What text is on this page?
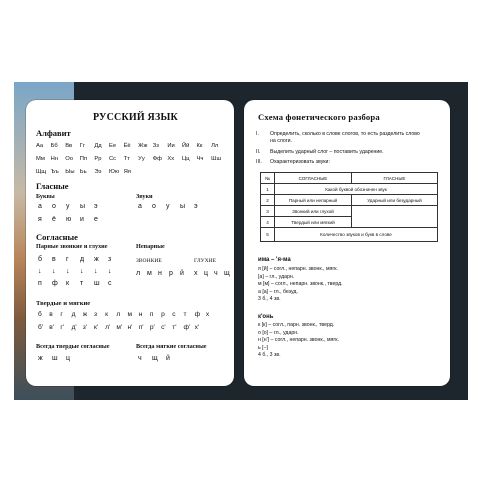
РУССКИЙ ЯЗЫК
Алфавит
Аа	Бб	Вв	Гг	Дд	Ее	Ёё	Жж Зз	Ии	Йй	Кк	Лл
Мм Нн	Оо	Пп	Рр	Сс	Тт	Уу	Фф Хх	Цц	Чч	Шш
Щщ Ъъ	Ыы Ьь	Ээ	Юю Яя
Гласные
Буквы	Звуки
а	о	у	ы	э
я	ё	ю	и	е
а	о	у	ы	э
Согласные
Парные звонкие и глухие	Непарные
ЗВОНКИЕ	ГЛУХИЕ
б	в	г	д	ж	з
↓	↓	↓	↓	↓	↓
п	ф	к	т	ш	с
л м н	р	й	х ц ч щ
Твердые и мягкие
б	в	г	д	ж	з	к	л	м	н	п	р	с	т	ф х
б' в' г'	д' з'	к'	л' м' н' п' р' с'	т'	ф' х'
Всегда твердые согласные	Всегда мягкие согласные
ж	ш	ц	ч	щ	й
Схема фонетического разбора
I. Определить, сколько в слове слогов, то есть разделить слово
на слоги.
II. Выделить ударный слог – поставить ударение.
III. Охарактеризовать звуки:
№	СОГЛАСНЫЕ	ГЛАСНЫЕ
1	Какой буквой обозначен звук	
2	Парный или непарный	Ударный или безударный
3	Звонкий или глухой	
4	Твердый или мягкий	
5	Количество звуков и букв в слове	
има – 'я-ма
я [й] – согл., непарн. звонк., мягк.
[а] – гл., ударн.
м [м] – согл., непарн. звонк., тверд.
а [а] – гл., безуд.
3 б., 4 зв.
к'онь
к [к] – согл., парн. звонк., тверд.
о [о] – гл., ударн.
н [н'] – согл., непарн. звонк., мягк.
ь [–]
4 б., 3 зв.
